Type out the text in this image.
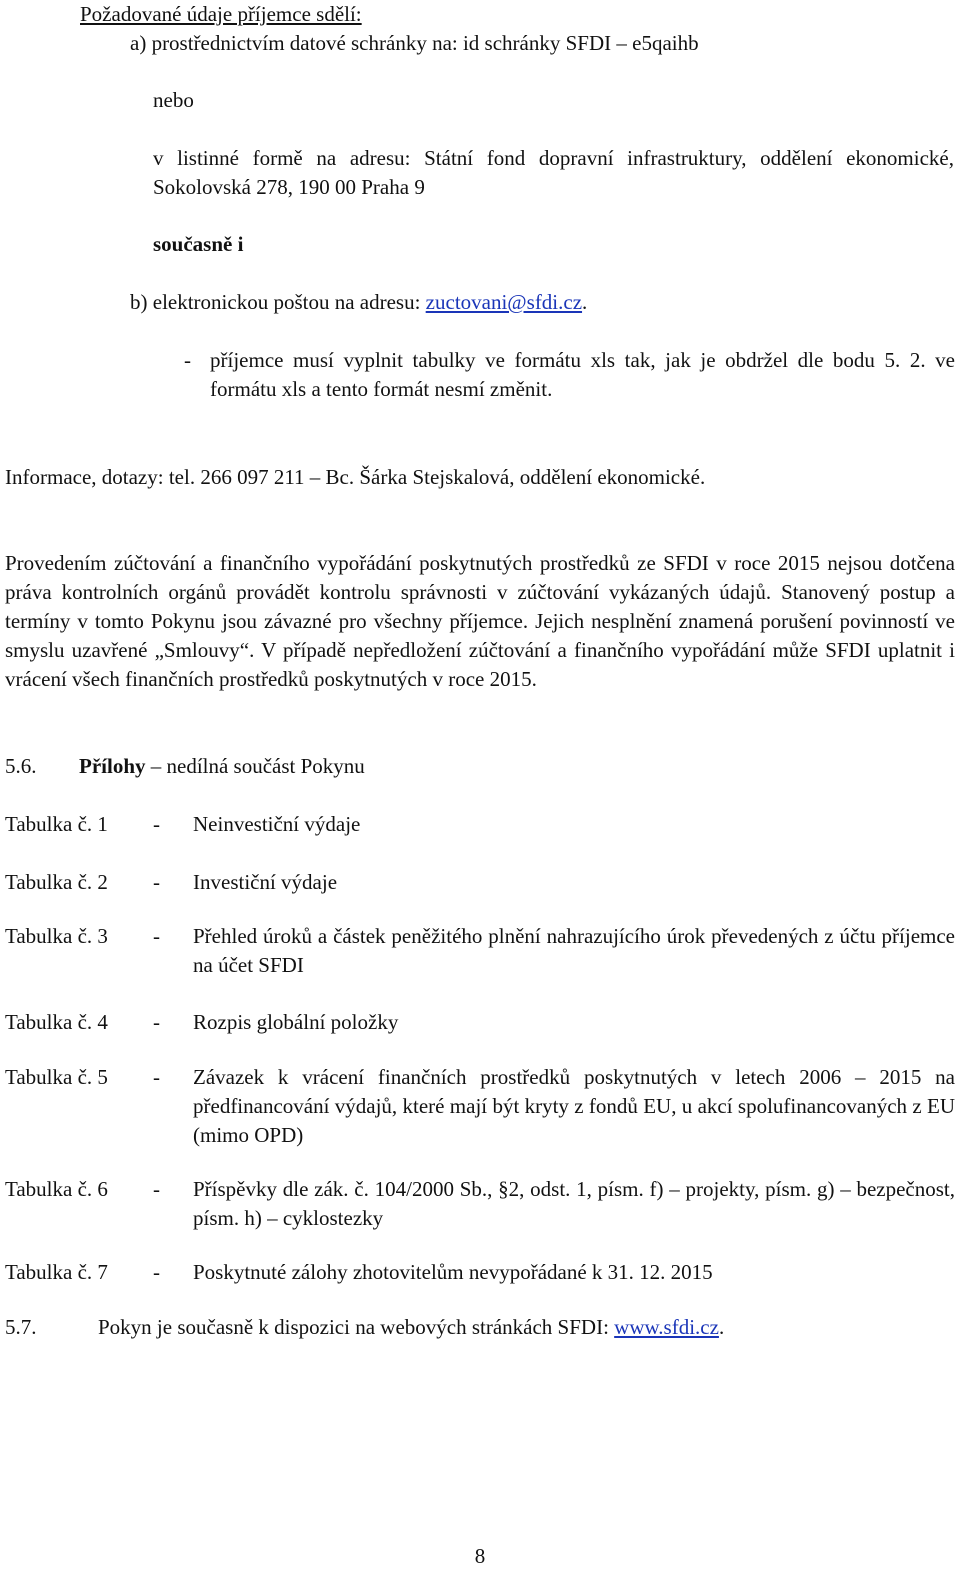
Požadované údaje příjemce sdělí:
a) prostřednictvím datové schránky na: id schránky SFDI – e5qaihb
nebo
v listinné formě na adresu: Státní fond dopravní infrastruktury, oddělení ekonomické, Sokolovská 278, 190 00 Praha 9
současně i
b) elektronickou poštou na adresu: zuctovani@sfdi.cz.
- příjemce musí vyplnit tabulky ve formátu xls tak, jak je obdržel dle bodu 5. 2. ve formátu xls a tento formát nesmí změnit.
Informace, dotazy: tel. 266 097 211 – Bc. Šárka Stejskalová, oddělení ekonomické.
Provedením zúčtování a finančního vypořádání poskytnutých prostředků ze SFDI v roce 2015 nejsou dotčena práva kontrolních orgánů provádět kontrolu správnosti v zúčtování vykázaných údajů. Stanovený postup a termíny v tomto Pokynu jsou závazné pro všechny příjemce. Jejich nesplnění znamená porušení povinností ve smyslu uzavřené „Smlouvy“. V případě nepředložení zúčtování a finančního vypořádání může SFDI uplatnit i vrácení všech finančních prostředků poskytnutých v roce 2015.
5.6. Přílohy – nedílná součást Pokynu
Tabulka č. 1 - Neinvestiční výdaje
Tabulka č. 2 - Investiční výdaje
Tabulka č. 3 - Přehled úroků a částek peněžitého plnění nahrazujícího úrok převedených z účtu příjemce na účet SFDI
Tabulka č. 4 - Rozpis globální položky
Tabulka č. 5 - Závazek k vrácení finančních prostředků poskytnutých v letech 2006 – 2015 na předfinancování výdajů, které mají být kryty z fondů EU, u akcí spolufinancovaných z EU (mimo OPD)
Tabulka č. 6 - Příspěvky dle zák. č. 104/2000 Sb., §2, odst. 1, písm. f) – projekty, písm. g) – bezpečnost, písm. h) – cyklostezky
Tabulka č. 7 - Poskytnuté zálohy zhotovitelům nevypořádané k 31. 12. 2015
5.7.	Pokyn je současně k dispozici na webových stránkách SFDI: www.sfdi.cz.
8
